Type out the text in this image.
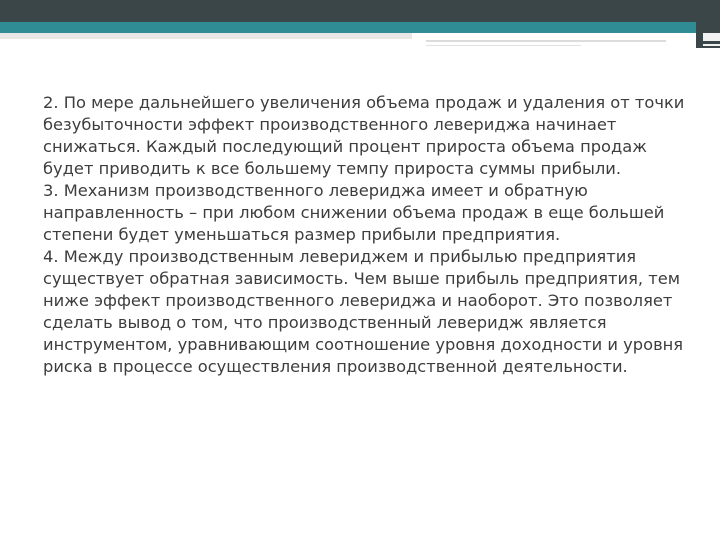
2. По мере дальнейшего увеличения объема продаж и удаления от точки безубыточности эффект производственного левериджа начинает снижаться. Каждый последующий процент прироста объема продаж будет приводить к все большему темпу прироста суммы прибыли.

3. Механизм производственного левериджа имеет и обратную направленность – при любом снижении объема продаж в еще большей степени будет уменьшаться размер прибыли предприятия.

4. Между производственным левериджем и прибылью предприятия существует обратная зависимость. Чем выше прибыль предприятия, тем ниже эффект производственного левериджа и наоборот. Это позволяет сделать вывод о том, что производственный леверидж является инструментом, уравнивающим соотношение уровня доходности и уровня риска в процессе осуществления производственной деятельности.
